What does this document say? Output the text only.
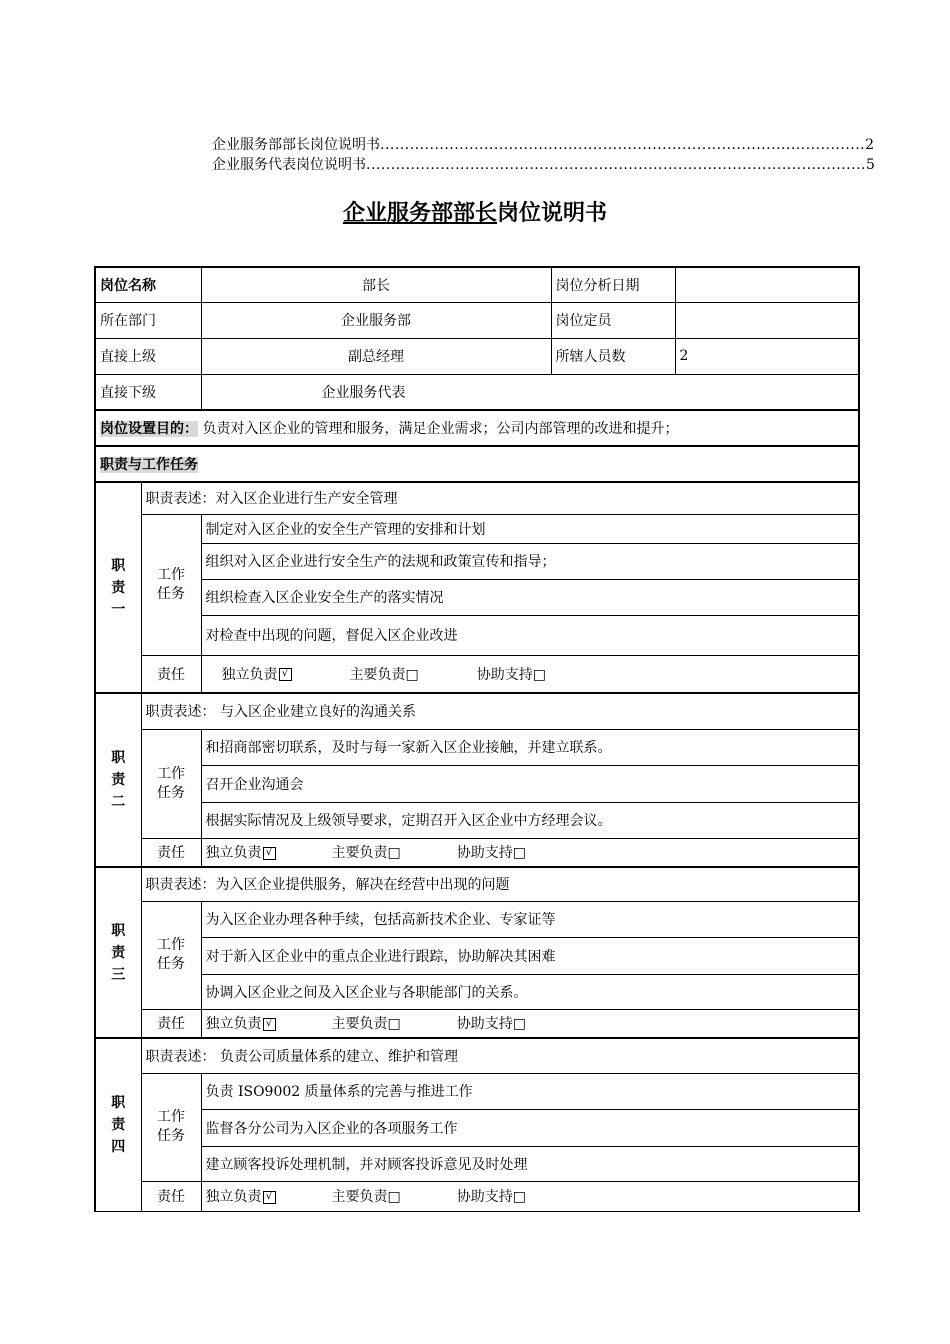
企业服务部部长岗位说明书 .................................................................................................. 2
企业服务代表岗位说明书 ..................................................................................................... 5
企业服务部部长岗位说明书
岗位名称		部长	岗位分析日期	
所在部门		企业服务部	岗位定员	
直接上级		副总经理	所辖人员数	2
直接下级		企业服务代表		
岗位设置目的： 负责对入区企业的管理和服务，满足企业需求；公司内部管理的改进和提升；				
职责与工作任务				
职责一	职责表述：对入区企业进行生产安全管理			
	工作任务	制定对入区企业的安全生产管理的安排和计划		
		组织对入区企业进行安全生产的法规和政策宣传和指导；		
		组织检查入区企业安全生产的落实情况		
		对检查中出现的问题，督促入区企业改进		
	责任	独立负责 √ 主要负责□ 协助支持□		
职责二	职责表述： 与入区企业建立良好的沟通关系			
	工作任务	和招商部密切联系，及时与每一家新入区企业接触，并建立联系。		
		召开企业沟通会		
		根据实际情况及上级领导要求，定期召开入区企业中方经理会议。		
	责任	独立负责 √ 主要负责□ 协助支持□		
职责三	职责表述：为入区企业提供服务，解决在经营中出现的问题			
	工作任务	为入区企业办理各种手续，包括高新技术企业、专家证等		
		对于新入区企业中的重点企业进行跟踪，协助解决其困难		
		协调入区企业之间及入区企业与各职能部门的关系。		
	责任	独立负责 √ 主要负责□ 协助支持□		
职责四	职责表述： 负责公司质量体系的建立、维护和管理			
	工作任务	负责 ISO9002 质量体系的完善与推进工作		
		监督各分公司为入区企业的各项服务工作		
		建立顾客投诉处理机制，并对顾客投诉意见及时处理		
	责任	独立负责 √ 主要负责□ 协助支持□		
